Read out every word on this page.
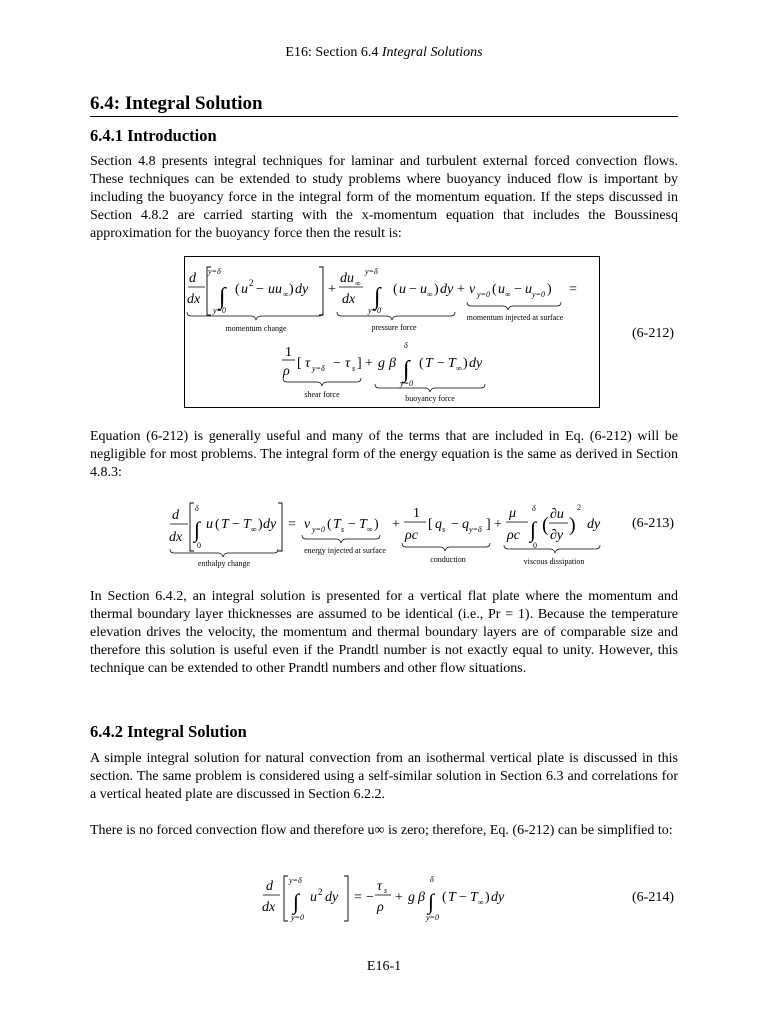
E16: Section 6.4 Integral Solutions
6.4: Integral Solution
6.4.1 Introduction
Section 4.8 presents integral techniques for laminar and turbulent external forced convection flows. These techniques can be extended to study problems where buoyancy induced flow is important by including the buoyancy force in the integral form of the momentum equation. If the steps discussed in Section 4.8.2 are carried starting with the x-momentum equation that includes the Boussinesq approximation for the buoyancy force then the result is:
d
dx
y=δ
∫
y=0
( u 2 − uu ∞ ) dy +
du ∞
dx
y=δ
∫
y=0
( u − u ∞ ) dy + v y=0 ( u ∞ − u y=0 ) =
momentum change	pressure force
momentum injected at surface
1
ρ
[ τ y=δ − τ s ] + g β
δ
∫
y=0
( T − T ∞ ) dy
shear force	buoyancy force
(6-212)
Equation (6-212) is generally useful and many of the terms that are included in Eq. (6-212) will be negligible for most problems. The integral form of the energy equation is the same as derived in Section 4.8.3:
d
dx
δ
∫
0
u ( T − T ∞ ) dy = v y=0 ( T s − T ∞ ) +
1
ρc
[ q s − q y=δ ] +
μ
ρc
δ
∫
0
( ∂u
∂y )
2
dy
enthalpy change
energy injected at surface
conduction	viscous dissipation
(6-213)
In Section 6.4.2, an integral solution is presented for a vertical flat plate where the momentum and thermal boundary layer thicknesses are assumed to be identical (i.e., Pr = 1). Because the temperature elevation drives the velocity, the momentum and thermal boundary layers are of comparable size and therefore this solution is useful even if the Prandtl number is not exactly equal to unity. However, this technique can be extended to other Prandtl numbers and other flow situations.
6.4.2 Integral Solution
A simple integral solution for natural convection from an isothermal vertical plate is discussed in this section. The same problem is considered using a self-similar solution in Section 6.3 and correlations for a vertical heated plate are discussed in Section 6.2.2.
There is no forced convection flow and therefore u∞ is zero; therefore, Eq. (6-212) can be simplified to:
d
dx
y=δ
∫
y=0
u 2 dy = −
τ s
ρ
+ g β
δ
∫
y=0
( T − T ∞ ) dy	(6-214)
E16-1
